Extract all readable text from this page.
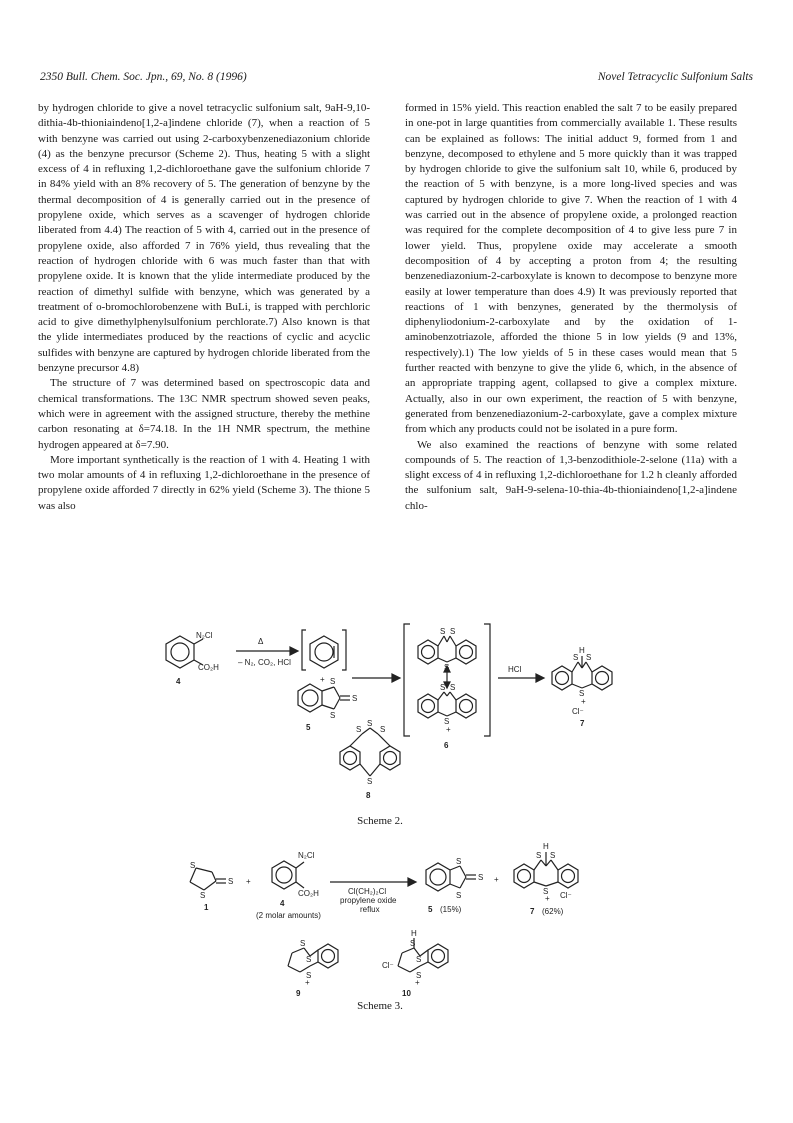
2350 Bull. Chem. Soc. Jpn., 69, No. 8 (1996)	Novel Tetracyclic Sulfonium Salts

by hydrogen chloride to give a novel tetracyclic sulfonium salt, 9aH-9,10-dithia-4b-thioniaindeno[1,2-a]indene chloride (7), when a reaction of 5 with benzyne was carried out using 2-carboxybenzenediazonium chloride (4) as the benzyne precursor (Scheme 2). Thus, heating 5 with a slight excess of 4 in refluxing 1,2-dichloroethane gave the sulfonium chloride 7 in 84% yield with an 8% recovery of 5. The generation of benzyne by the thermal decomposition of 4 is generally carried out in the presence of propylene oxide, which serves as a scavenger of hydrogen chloride liberated from 4.4) The reaction of 5 with 4, carried out in the presence of propylene oxide, also afforded 7 in 76% yield, thus revealing that the reaction of hydrogen chloride with 6 was much faster than that with propylene oxide. It is known that the ylide intermediate produced by the reaction of dimethyl sulfide with benzyne, which was generated by a treatment of o-bromochlorobenzene with BuLi, is trapped with perchloric acid to give dimethylphenylsulfonium perchlorate.7) Also known is that the ylide intermediates produced by the reactions of cyclic and acyclic sulfides with benzyne are captured by hydrogen chloride liberated from the benzyne precursor 4.8)

The structure of 7 was determined based on spectroscopic data and chemical transformations. The 13C NMR spectrum showed seven peaks, which were in agreement with the assigned structure, thereby the methine carbon resonating at δ=74.18. In the 1H NMR spectrum, the methine hydrogen appeared at δ=7.90.

More important synthetically is the reaction of 1 with 4. Heating 1 with two molar amounts of 4 in refluxing 1,2-dichloroethane in the presence of propylene oxide afforded 7 directly in 62% yield (Scheme 3). The thione 5 was also

formed in 15% yield. This reaction enabled the salt 7 to be easily prepared in one-pot in large quantities from commercially available 1. These results can be explained as follows: The initial adduct 9, formed from 1 and benzyne, decomposed to ethylene and 5 more quickly than it was trapped by hydrogen chloride to give the sulfonium salt 10, while 6, produced by the reaction of 5 with benzyne, is a more long-lived species and was captured by hydrogen chloride to give 7. When the reaction of 1 with 4 was carried out in the absence of propylene oxide, a prolonged reaction was required for the complete decomposition of 4 to give less pure 7 in lower yield. Thus, propylene oxide may accelerate a smooth decomposition of 4 by accepting a proton from 4; the resulting benzenediazonium-2-carboxylate is known to decompose to benzyne more easily at lower temperature than does 4.9) It was previously reported that reactions of 1 with benzynes, generated by the thermolysis of diphenyliodonium-2-carboxylate and by the oxidation of 1-aminobenzotriazole, afforded the thione 5 in low yields (9 and 13%, respectively).1) The low yields of 5 in these cases would mean that 5 further reacted with benzyne to give the ylide 6, which, in the absence of an appropriate trapping agent, collapsed to give a complex mixture. Actually, also in our own experiment, the reaction of 5 with benzyne, generated from benzenediazonium-2-carboxylate, gave a complex mixture from which any products could not be isolated in a pure form.

We also examined the reactions of benzyne with some related compounds of 5. The reaction of 1,3-benzodithiole-2-selone (11a) with a slight excess of 4 in refluxing 1,2-dichloroethane for 1.2 h cleanly afforded the sulfonium salt, 9aH-9-selena-10-thia-4b-thioniaindeno[1,2-a]indene chlo-

N₂Cl
CO₂H
4
Δ
– N₂, CO₂, HCl
+ S
S
S
5
S S
S
S S
S
+
6
HCl
H
S S
S
+
Cl⁻
7
S S
S
S
8
Scheme 2.
S
S
S
1
+
N₂Cl
CO₂H
4
(2 molar amounts)
Cl(CH₂)₂Cl
propylene oxide
reflux
S
S
S
5 (15%)
+
H
S S
S
+ Cl⁻
7 (62%)
S
S
S
+
9
H
S
S
S
Cl⁻
+
10
Scheme 3.
